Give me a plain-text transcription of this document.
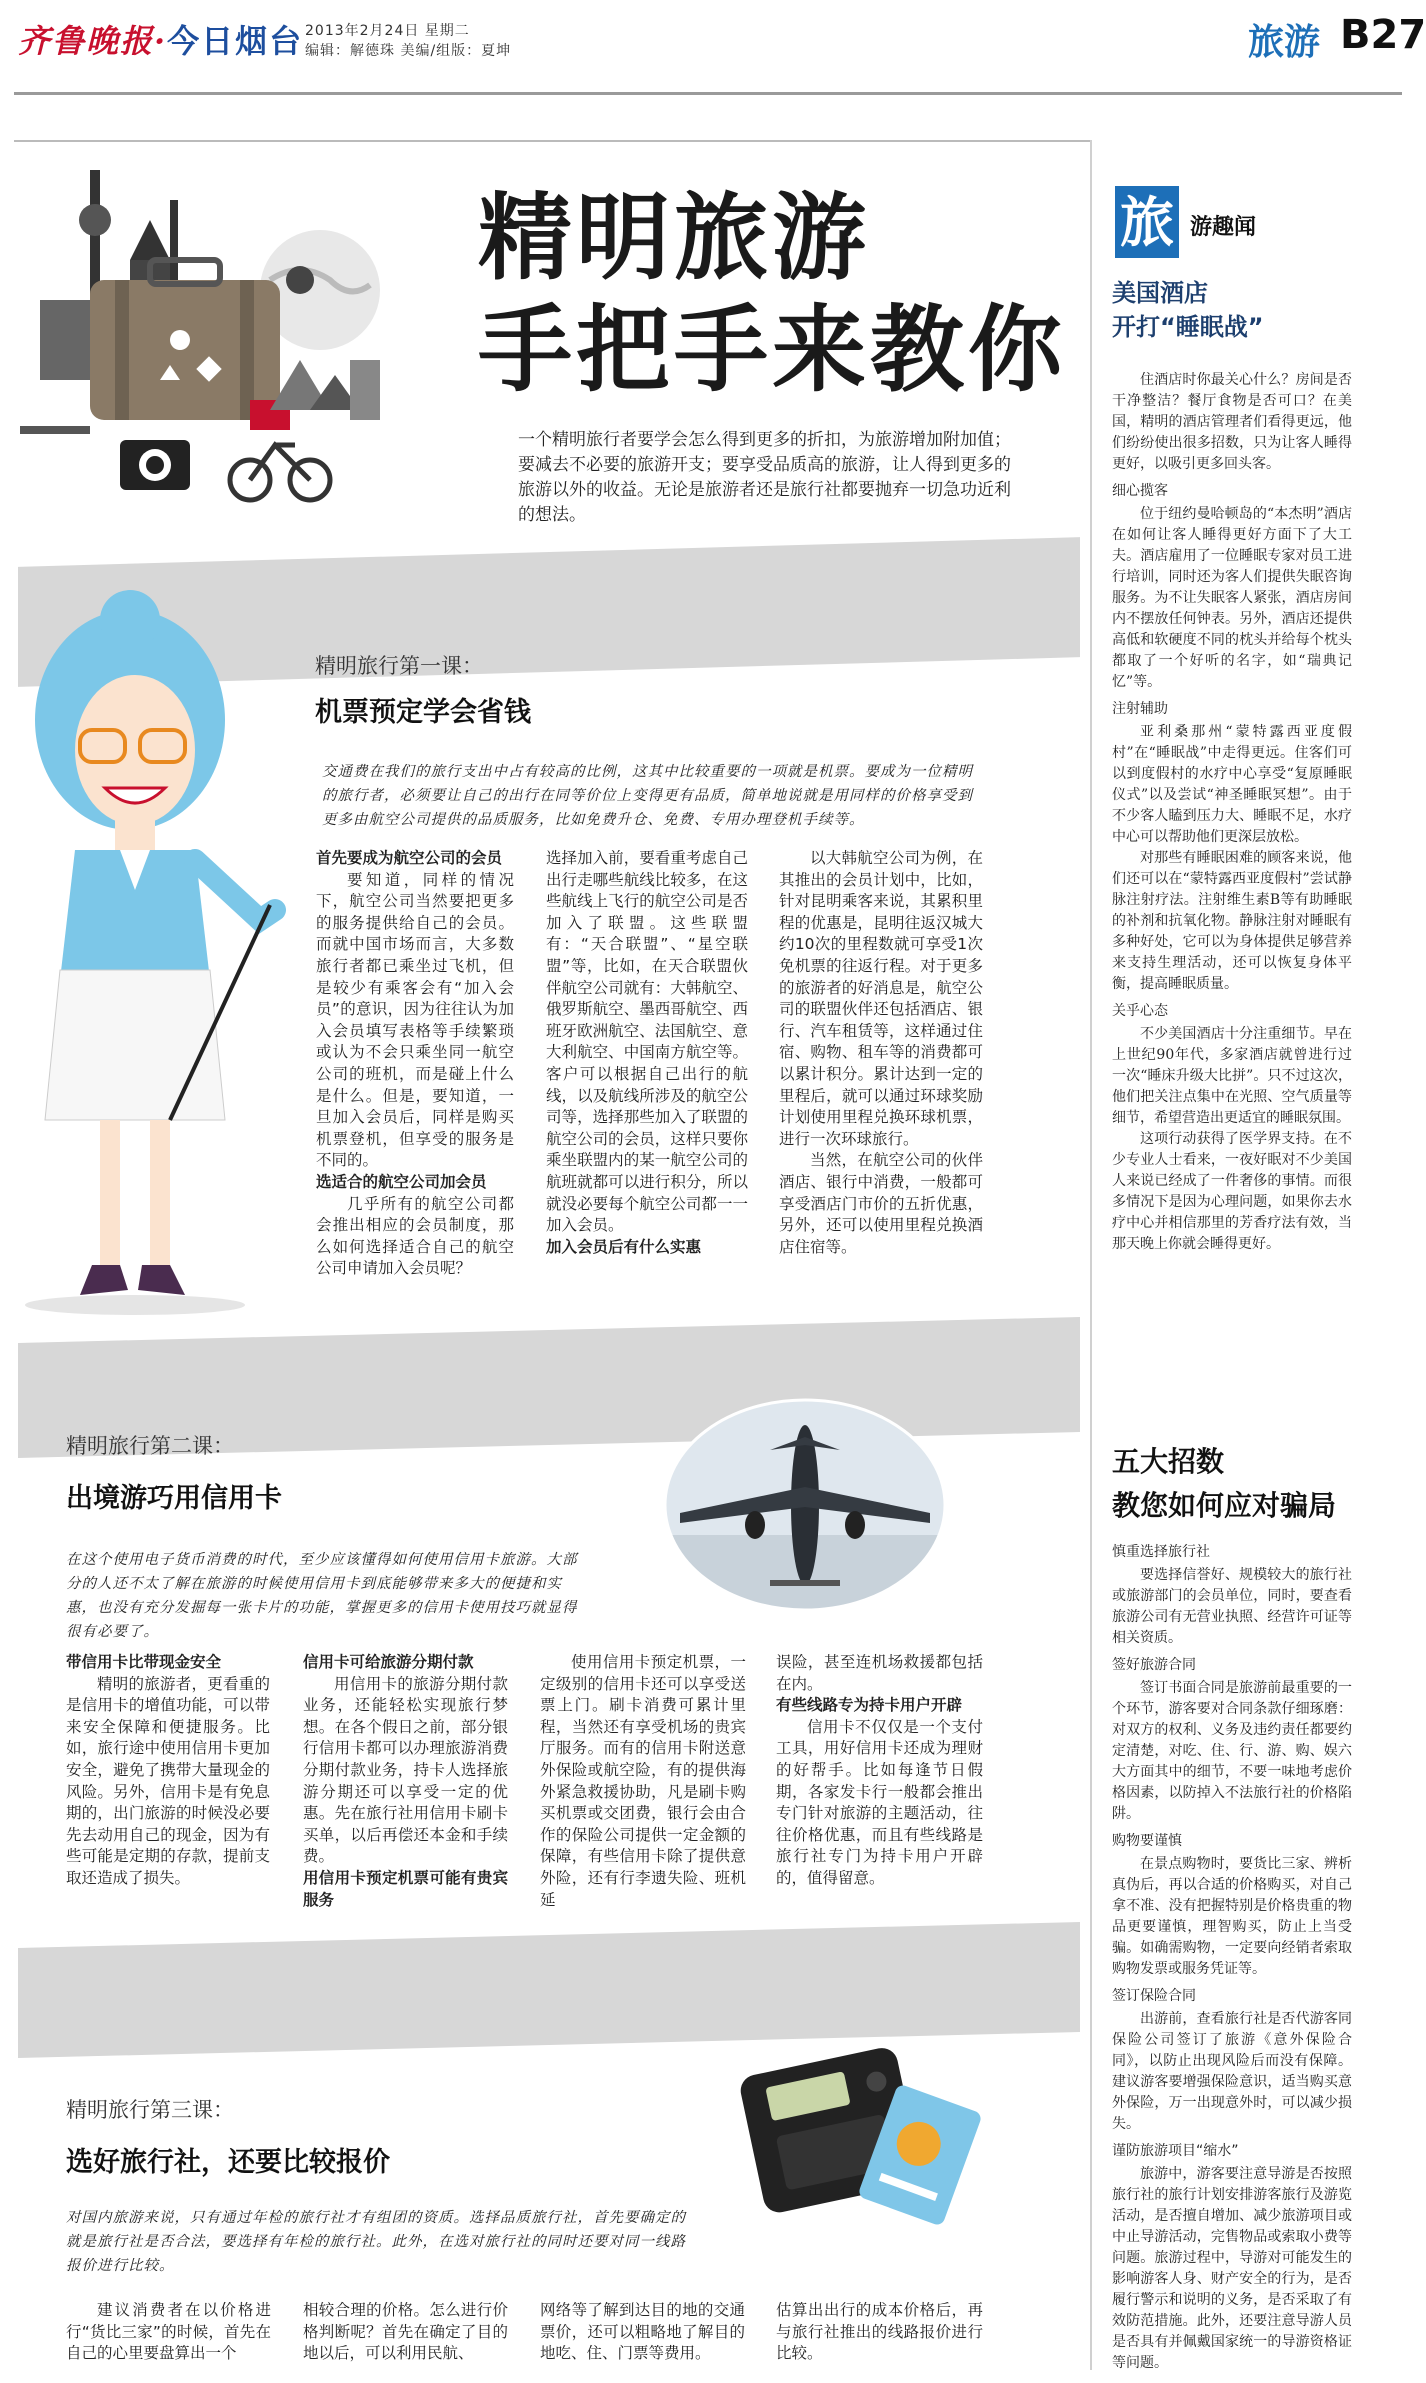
齐鲁晚报·今日烟台 2013年2月24日 星期二
编辑：解德珠 美编/组版：夏坤	旅游 B27
精明旅游
手把手来教你
一个精明旅行者要学会怎么得到更多的折扣，为旅游增加附加值；要减去不必要的旅游开支；要享受品质高的旅游，让人得到更多的旅游以外的收益。无论是旅游者还是旅行社都要抛弃一切急功近利的想法。
精明旅行第一课：
机票预定学会省钱
交通费在我们的旅行支出中占有较高的比例，这其中比较重要的一项就是机票。要成为一位精明的旅行者，必须要让自己的出行在同等价位上变得更有品质，简单地说就是用同样的价格享受到更多由航空公司提供的品质服务，比如免费升仓、免费、专用办理登机手续等。
首先要成为航空公司的会员

要知道，同样的情况下，航空公司当然要把更多的服务提供给自己的会员。而就中国市场而言，大多数旅行者都已乘坐过飞机，但是较少有乘客会有“加入会员”的意识，因为往往认为加入会员填写表格等手续繁琐或认为不会只乘坐同一航空公司的班机，而是碰上什么是什么。但是，要知道，一旦加入会员后，同样是购买机票登机，但享受的服务是不同的。

选适合的航空公司加会员

几乎所有的航空公司都会推出相应的会员制度，那么如何选择适合自己的航空公司申请加入会员呢？

选择加入前，要看重考虑自己出行走哪些航线比较多，在这些航线上飞行的航空公司是否加入了联盟。这些联盟有：“天合联盟”、“星空联盟”等，比如，在天合联盟伙伴航空公司就有：大韩航空、俄罗斯航空、墨西哥航空、西班牙欧洲航空、法国航空、意大利航空、中国南方航空等。客户可以根据自己出行的航线，以及航线所涉及的航空公司等，选择那些加入了联盟的航空公司的会员，这样只要你乘坐联盟内的某一航空公司的航班就都可以进行积分，所以就没必要每个航空公司都一一加入会员。

加入会员后有什么实惠

以大韩航空公司为例，在其推出的会员计划中，比如，针对昆明乘客来说，其累积里程的优惠是，昆明往返汉城大约10次的里程数就可享受1次免机票的往返行程。对于更多的旅游者的好消息是，航空公司的联盟伙伴还包括酒店、银行、汽车租赁等，这样通过住宿、购物、租车等的消费都可以累计积分。累计达到一定的里程后，就可以通过环球奖励计划使用里程兑换环球机票，进行一次环球旅行。

当然，在航空公司的伙伴酒店、银行中消费，一般都可享受酒店门市价的五折优惠，另外，还可以使用里程兑换酒店住宿等。

精明旅行第二课：
出境游巧用信用卡
在这个使用电子货币消费的时代，至少应该懂得如何使用信用卡旅游。大部分的人还不太了解在旅游的时候使用信用卡到底能够带来多大的便捷和实惠，也没有充分发掘每一张卡片的功能，掌握更多的信用卡使用技巧就显得很有必要了。
带信用卡比带现金安全

精明的旅游者，更看重的是信用卡的增值功能，可以带来安全保障和便捷服务。比如，旅行途中使用信用卡更加安全，避免了携带大量现金的风险。另外，信用卡是有免息期的，出门旅游的时候没必要先去动用自己的现金，因为有些可能是定期的存款，提前支取还造成了损失。

信用卡可给旅游分期付款

用信用卡的旅游分期付款业务，还能轻松实现旅行梦想。在各个假日之前，部分银行信用卡都可以办理旅游消费分期付款业务，持卡人选择旅游分期还可以享受一定的优惠。先在旅行社用信用卡刷卡买单，以后再偿还本金和手续费。

用信用卡预定机票可能有贵宾服务

使用信用卡预定机票，一定级别的信用卡还可以享受送票上门。刷卡消费可累计里程，当然还有享受机场的贵宾厅服务。而有的信用卡附送意外保险或航空险，有的提供海外紧急救援协助，凡是刷卡购买机票或交团费，银行会由合作的保险公司提供一定金额的保障，有些信用卡除了提供意外险，还有行李遗失险、班机延

误险，甚至连机场救援都包括在内。

有些线路专为持卡用户开辟

信用卡不仅仅是一个支付工具，用好信用卡还成为理财的好帮手。比如每逢节日假期，各家发卡行一般都会推出专门针对旅游的主题活动，往往价格优惠，而且有些线路是旅行社专门为持卡用户开辟的，值得留意。

精明旅行第三课：
选好旅行社，还要比较报价
对国内旅游来说，只有通过年检的旅行社才有组团的资质。选择品质旅行社，首先要确定的就是旅行社是否合法，要选择有年检的旅行社。此外，在选对旅行社的同时还要对同一线路报价进行比较。

建议消费者在以价格进行“货比三家”的时候，首先在自己的心里要盘算出一个

相较合理的价格。怎么进行价格判断呢？首先在确定了目的地以后，可以利用民航、

网络等了解到达目的地的交通票价，还可以粗略地了解目的地吃、住、门票等费用。

估算出出行的成本价格后，再与旅行社推出的线路报价进行比较。

旅 游趣闻
美国酒店
开打“睡眠战”

住酒店时你最关心什么？房间是否干净整洁？餐厅食物是否可口？在美国，精明的酒店管理者们看得更远，他们纷纷使出很多招数，只为让客人睡得更好，以吸引更多回头客。

细心揽客

位于纽约曼哈顿岛的“本杰明”酒店在如何让客人睡得更好方面下了大工夫。酒店雇用了一位睡眠专家对员工进行培训，同时还为客人们提供失眠咨询服务。为不让失眠客人紧张，酒店房间内不摆放任何钟表。另外，酒店还提供高低和软硬度不同的枕头并给每个枕头都取了一个好听的名字，如“瑞典记忆”等。

注射辅助

亚利桑那州“蒙特露西亚度假村”在“睡眠战”中走得更远。住客们可以到度假村的水疗中心享受“复原睡眠仪式”以及尝试“神圣睡眠冥想”。由于不少客人瞌到压力大、睡眠不足，水疗中心可以帮助他们更深层放松。

对那些有睡眠困难的顾客来说，他们还可以在“蒙特露西亚度假村”尝试静脉注射疗法。注射维生素B等有助睡眠的补剂和抗氧化物。静脉注射对睡眠有多种好处，它可以为身体提供足够营养来支持生理活动，还可以恢复身体平衡，提高睡眠质量。

关乎心态

不少美国酒店十分注重细节。早在上世纪90年代，多家酒店就曾进行过一次“睡床升级大比拼”。只不过这次，他们把关注点集中在光照、空气质量等细节，希望营造出更适宜的睡眠氛围。

这项行动获得了医学界支持。在不少专业人士看来，一夜好眠对不少美国人来说已经成了一件奢侈的事情。而很多情况下是因为心理问题，如果你去水疗中心并相信那里的芳香疗法有效，当那天晚上你就会睡得更好。

五大招数
教您如何应对骗局
慎重选择旅行社

要选择信誉好、规模较大的旅行社或旅游部门的会员单位，同时，要查看旅游公司有无营业执照、经营许可证等相关资质。

签好旅游合同

签订书面合同是旅游前最重要的一个环节，游客要对合同条款仔细琢磨：对双方的权利、义务及违约责任都要约定清楚，对吃、住、行、游、购、娱六大方面其中的细节，不要一味地考虑价格因素，以防掉入不法旅行社的价格陷阱。

购物要谨慎

在景点购物时，要货比三家、辨析真伪后，再以合适的价格购买，对自己拿不准、没有把握特别是价格贵重的物品更要谨慎，理智购买，防止上当受骗。如确需购物，一定要向经销者索取购物发票或服务凭证等。

签订保险合同

出游前，查看旅行社是否代游客同保险公司签订了旅游《意外保险合同》，以防止出现风险后而没有保障。建议游客要增强保险意识，适当购买意外保险，万一出现意外时，可以减少损失。

谨防旅游项目“缩水”

旅游中，游客要注意导游是否按照旅行社的旅行计划安排游客旅行及游览活动，是否擅自增加、减少旅游项目或中止导游活动，完售物品或索取小费等问题。旅游过程中，导游对可能发生的影响游客人身、财产安全的行为，是否履行警示和说明的义务，是否采取了有效防范措施。此外，还要注意导游人员是否具有并佩戴国家统一的导游资格证等问题。
